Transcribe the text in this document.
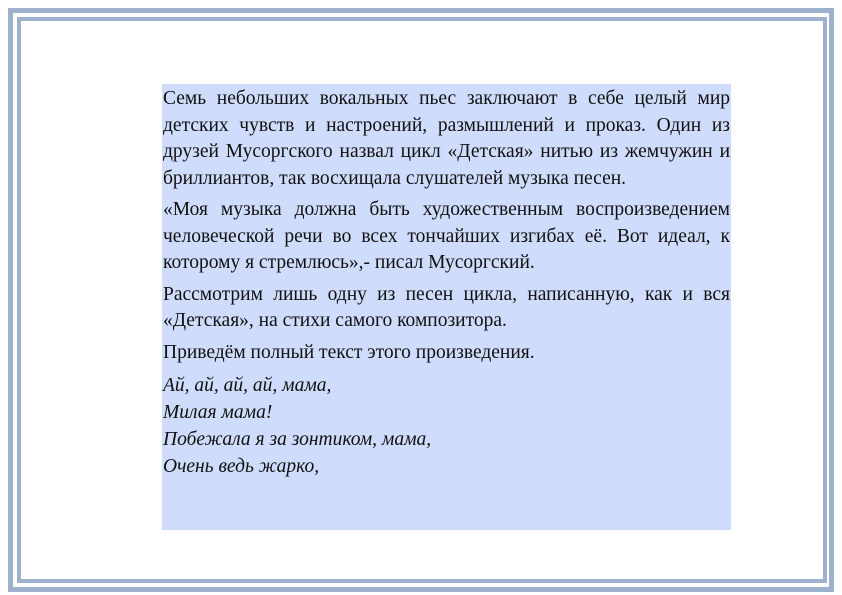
Семь небольших вокальных пьес заключают в себе целый мир детских чувств и настроений, размышлений и проказ. Один из друзей Мусоргского назвал цикл «Детская» нитью из жемчужин и бриллиантов, так восхищала слушателей музыка песен.

«Моя музыка должна быть художественным воспроизведением человеческой речи во всех тончайших изгибах её. Вот идеал, к которому я стремлюсь»,- писал Мусоргский.

Рассмотрим лишь одну из песен цикла, написанную, как и вся «Детская», на стихи самого композитора.

Приведём полный текст этого произведения.

Ай, ай, ай, ай, мама,
Милая мама!
Побежала я за зонтиком, мама,
Очень ведь жарко,
